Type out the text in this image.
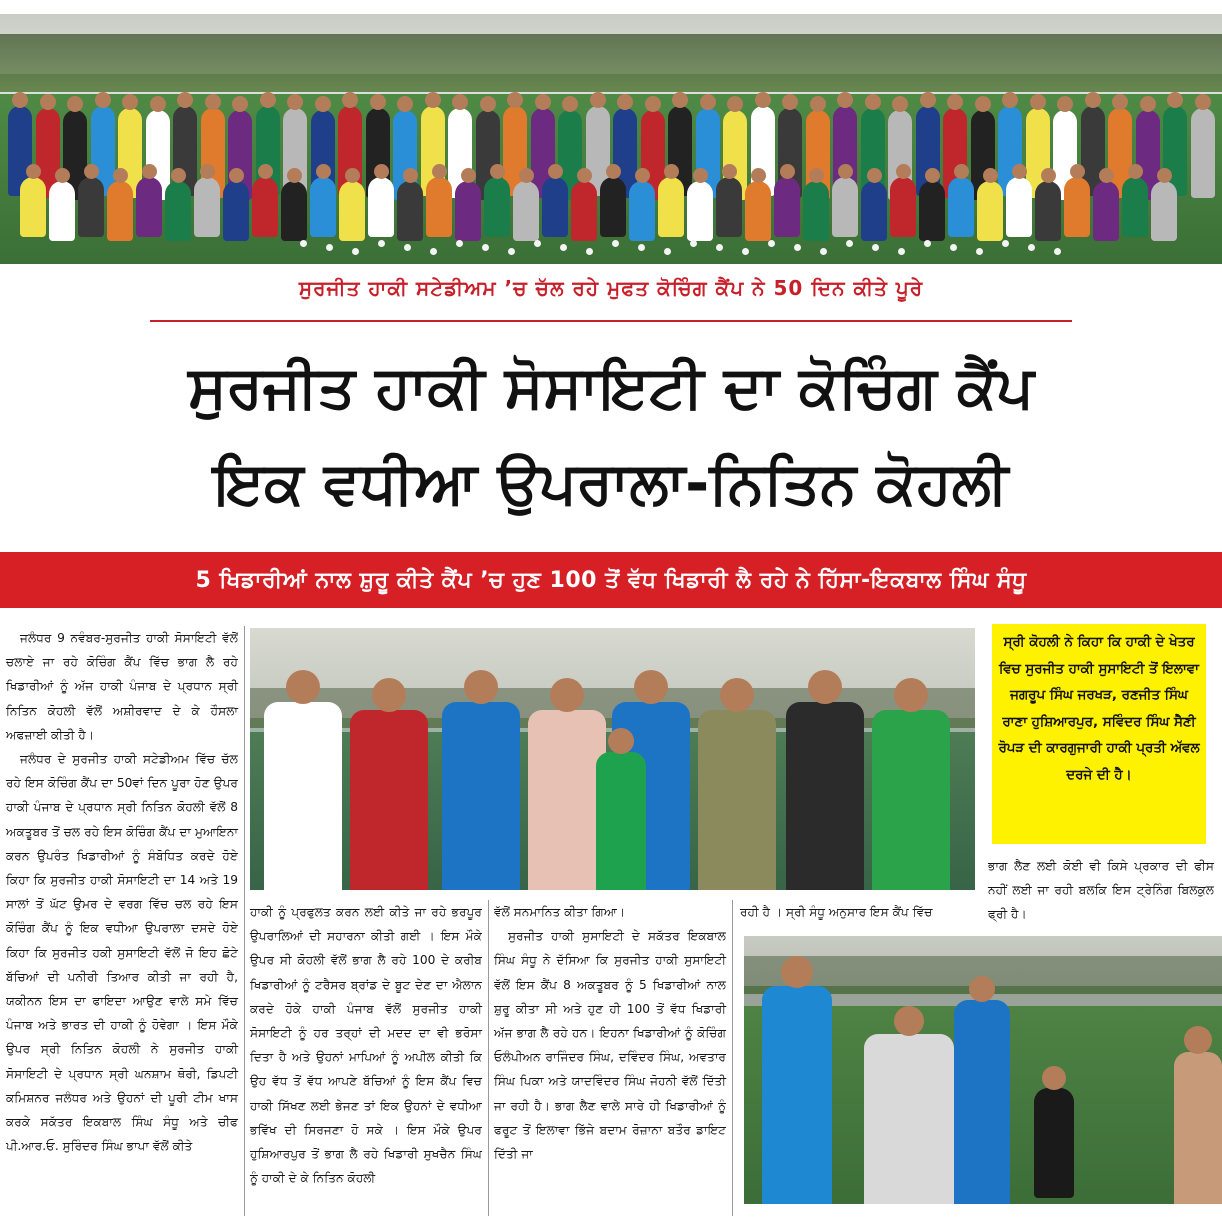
ਸੁਰਜੀਤ ਹਾਕੀ ਸਟੇਡੀਅਮ ’ਚ ਚੱਲ ਰਹੇ ਮੁਫਤ ਕੋਚਿੰਗ ਕੈਂਪ ਨੇ 50 ਦਿਨ ਕੀਤੇ ਪੂਰੇ
ਸੁਰਜੀਤ ਹਾਕੀ ਸੋਸਾਇਟੀ ਦਾ ਕੋਚਿੰਗ ਕੈਂਪ
ਇਕ ਵਧੀਆ ਉਪਰਾਲਾ-ਨਿਤਿਨ ਕੋਹਲੀ
5 ਖਿਡਾਰੀਆਂ ਨਾਲ ਸ਼ੁਰੂ ਕੀਤੇ ਕੈਂਪ ’ਚ ਹੁਣ 100 ਤੋਂ ਵੱਧ ਖਿਡਾਰੀ ਲੈ ਰਹੇ ਨੇ ਹਿੱਸਾ-ਇਕਬਾਲ ਸਿੰਘ ਸੰਧੂ

ਜਲੰਧਰ 9 ਨਵੰਬਰ-ਸੁਰਜੀਤ ਹਾਕੀ ਸੋਸਾਇਟੀ ਵੱਲੋਂ ਚਲਾਏ ਜਾ ਰਹੇ ਕੋਚਿੰਗ ਕੈਂਪ ਵਿੱਚ ਭਾਗ ਲੈ ਰਹੇ ਖਿਡਾਰੀਆਂ ਨੂੰ ਅੱਜ ਹਾਕੀ ਪੰਜਾਬ ਦੇ ਪ੍ਰਧਾਨ ਸ੍ਰੀ ਨਿਤਿਨ ਕੋਹਲੀ ਵੱਲੋਂ ਅਸ਼ੀਰਵਾਦ ਦੇ ਕੇ ਹੌਸਲਾ ਅਫਜ਼ਾਈ ਕੀਤੀ ਹੈ।

ਜਲੰਧਰ ਦੇ ਸੁਰਜੀਤ ਹਾਕੀ ਸਟੇਡੀਅਮ ਵਿੱਚ ਚੱਲ ਰਹੇ ਇਸ ਕੋਚਿੰਗ ਕੈਂਪ ਦਾ 50ਵਾਂ ਦਿਨ ਪੂਰਾ ਹੋਣ ਉਪਰ ਹਾਕੀ ਪੰਜਾਬ ਦੇ ਪ੍ਰਧਾਨ ਸ੍ਰੀ ਨਿਤਿਨ ਕੋਹਲੀ ਵੱਲੋਂ 8 ਅਕਤੂਬਰ ਤੋਂ ਚਲ ਰਹੇ ਇਸ ਕੋਚਿੰਗ ਕੈਂਪ ਦਾ ਮੁਆਇਨਾ ਕਰਨ ਉਪਰੰਤ ਖਿਡਾਰੀਆਂ ਨੂੰ ਸੰਬੋਧਿਤ ਕਰਦੇ ਹੋਏ ਕਿਹਾ ਕਿ ਸੁਰਜੀਤ ਹਾਕੀ ਸੋਸਾਇਟੀ ਦਾ 14 ਅਤੇ 19 ਸਾਲਾਂ ਤੋਂ ਘੱਟ ਉਮਰ ਦੇ ਵਰਗ ਵਿੱਚ ਚਲ ਰਹੇ ਇਸ ਕੋਚਿੰਗ ਕੈਂਪ ਨੂੰ ਇਕ ਵਧੀਆ ਉਪਰਾਲਾ ਦਸਦੇ ਹੋਏ ਕਿਹਾ ਕਿ ਸੁਰਜੀਤ ਹਕੀ ਸੁਸਾਇਟੀ ਵੱਲੋਂ ਜੋ ਇਹ ਛੋਟੇ ਬੱਚਿਆਂ ਦੀ ਪਨੀਰੀ ਤਿਆਰ ਕੀਤੀ ਜਾ ਰਹੀ ਹੈ, ਯਕੀਨਨ ਇਸ ਦਾ ਫਾਇਦਾ ਆਉਣ ਵਾਲੇ ਸਮੇ ਵਿੱਚ ਪੰਜਾਬ ਅਤੇ ਭਾਰਤ ਦੀ ਹਾਕੀ ਨੂੰ ਹੋਵੇਗਾ । ਇਸ ਮੌਕੇ ਉਪਰ ਸ੍ਰੀ ਨਿਤਿਨ ਕੋਹਲੀ ਨੇ ਸੁਰਜੀਤ ਹਾਕੀ ਸੋਸਾਇਟੀ ਦੇ ਪ੍ਰਧਾਨ ਸ੍ਰੀ ਘਨਸ਼ਾਮ ਥੋਰੀ, ਡਿਪਟੀ ਕਮਿਸ਼ਨਰ ਜਲੰਧਰ ਅਤੇ ਉਹਨਾਂ ਦੀ ਪੂਰੀ ਟੀਮ ਖਾਸ ਕਰਕੇ ਸਕੱਤਰ ਇਕਬਾਲ ਸਿੰਘ ਸੰਧੂ ਅਤੇ ਚੀਫ ਪੀ.ਆਰ.ਓ. ਸੁਰਿੰਦਰ ਸਿੰਘ ਭਾਪਾ ਵੱਲੋਂ ਕੀਤੇ

ਸ੍ਰੀ ਕੋਹਲੀ ਨੇ ਕਿਹਾ ਕਿ ਹਾਕੀ ਦੇ ਖੇਤਰ ਵਿਚ ਸੁਰਜੀਤ ਹਾਕੀ ਸੁਸਾਇਟੀ ਤੋਂ ਇਲਾਵਾ ਜਗਰੂਪ ਸਿੰਘ ਜਰਖੜ, ਰਣਜੀਤ ਸਿੰਘ ਰਾਣਾ ਹੁਸ਼ਿਆਰਪੁਰ, ਸਵਿੰਦਰ ਸਿੰਘ ਸੈਣੀ ਰੋਪੜ ਦੀ ਕਾਰਗੁਜਾਰੀ ਹਾਕੀ ਪ੍ਰਤੀ ਅੱਵਲ ਦਰਜੇ ਦੀ ਹੈ।

ਭਾਗ ਲੈਣ ਲਈ ਕੋਈ ਵੀ ਕਿਸੇ ਪ੍ਰਕਾਰ ਦੀ ਫੀਸ ਨਹੀਂ ਲਈ ਜਾ ਰਹੀ ਬਲਕਿ ਇਸ ਟ੍ਰੇਨਿੰਗ ਬਿਲਕੁਲ ਫ੍ਰੀ ਹੈ।

ਹਾਕੀ ਨੂੰ ਪ੍ਰਫੁਲਤ ਕਰਨ ਲਈ ਕੀਤੇ ਜਾ ਰਹੇ ਭਰਪੂਰ ਉਪਰਾਲਿਆਂ ਦੀ ਸਹਾਰਨਾ ਕੀਤੀ ਗਈ । ਇਸ ਮੌਕੇ ਉਪਰ ਸੀ ਕੋਹਲੀ ਵੱਲੋਂ ਭਾਗ ਲੈ ਰਹੇ 100 ਦੇ ਕਰੀਬ ਖਿਡਾਰੀਆਂ ਨੂੰ ਟਰੈਸਰ ਬ੍ਰਾਂਡ ਦੇ ਬੂਟ ਦੇਣ ਦਾ ਐਲਾਨ ਕਰਦੇ ਹੋਕੇ ਹਾਕੀ ਪੰਜਾਬ ਵੱਲੋਂ ਸੁਰਜੀਤ ਹਾਕੀ ਸੋਸਾਇਟੀ ਨੂੰ ਹਰ ਤਰ੍ਹਾਂ ਦੀ ਮਦਦ ਦਾ ਵੀ ਭਰੋਸਾ ਦਿਤਾ ਹੈ ਅਤੇ ਉਹਨਾਂ ਮਾਪਿਆਂ ਨੂੰ ਅਪੀਲ ਕੀਤੀ ਕਿ ਉਹ ਵੱਧ ਤੋਂ ਵੱਧ ਆਪਣੇ ਬੱਚਿਆਂ ਨੂੰ ਇਸ ਕੈਂਪ ਵਿਚ ਹਾਕੀ ਸਿੱਖਣ ਲਈ ਭੇਜਣ ਤਾਂ ਇਕ ਉਹਨਾਂ ਦੇ ਵਧੀਆ ਭਵਿੱਖ ਦੀ ਸਿਰਜਣਾ ਹੋ ਸਕੇ । ਇਸ ਮੌਕੇ ਉਪਰ ਹੁਸ਼ਿਆਰਪੁਰ ਤੋਂ ਭਾਗ ਲੈ ਰਹੇ ਖਿਡਾਰੀ ਸੁਖਚੈਨ ਸਿੰਘ ਨੂੰ ਹਾਕੀ ਦੇ ਕੇ ਨਿਤਿਨ ਕੋਹਲੀ

ਵੱਲੋਂ ਸਨਮਾਨਿਤ ਕੀਤਾ ਗਿਆ।

ਸੁਰਜੀਤ ਹਾਕੀ ਸੁਸਾਇਟੀ ਦੇ ਸਕੱਤਰ ਇਕਬਾਲ ਸਿੰਘ ਸੰਧੂ ਨੇ ਦੱਸਿਆ ਕਿ ਸੁਰਜੀਤ ਹਾਕੀ ਸੁਸਾਇਟੀ ਵੱਲੋਂ ਇਸ ਕੈਂਪ 8 ਅਕਤੂਬਰ ਨੂੰ 5 ਖਿਡਾਰੀਆਂ ਨਾਲ ਸ਼ੁਰੂ ਕੀਤਾ ਸੀ ਅਤੇ ਹੁਣ ਹੀ 100 ਤੋਂ ਵੱਧ ਖਿਡਾਰੀ ਅੱਜ ਭਾਗ ਲੈ ਰਹੇ ਹਨ। ਇਹਨਾ ਖਿਡਾਰੀਆਂ ਨੂੰ ਕੋਚਿੰਗ ਓਲੰਪੀਅਨ ਰਾਜਿੰਦਰ ਸਿੰਘ, ਦਵਿੰਦਰ ਸਿੰਘ, ਅਵਤਾਰ ਸਿੰਘ ਪਿਕਾ ਅਤੇ ਯਾਦਵਿੰਦਰ ਸਿੰਘ ਜੋਹਨੀ ਵੱਲੋਂ ਦਿੱਤੀ ਜਾ ਰਹੀ ਹੈ। ਭਾਗ ਲੈਣ ਵਾਲੇ ਸਾਰੇ ਹੀ ਖਿਡਾਰੀਆਂ ਨੂੰ ਫਰੂਟ ਤੋਂ ਇਲਾਵਾ ਭਿੱਜੇ ਬਦਾਮ ਰੋਜ਼ਾਨਾ ਬਤੌਰ ਡਾਇਟ ਦਿੱਤੀ ਜਾ

ਰਹੀ ਹੈ । ਸ੍ਰੀ ਸੰਧੂ ਅਨੁਸਾਰ ਇਸ ਕੈਂਪ ਵਿੱਚ
